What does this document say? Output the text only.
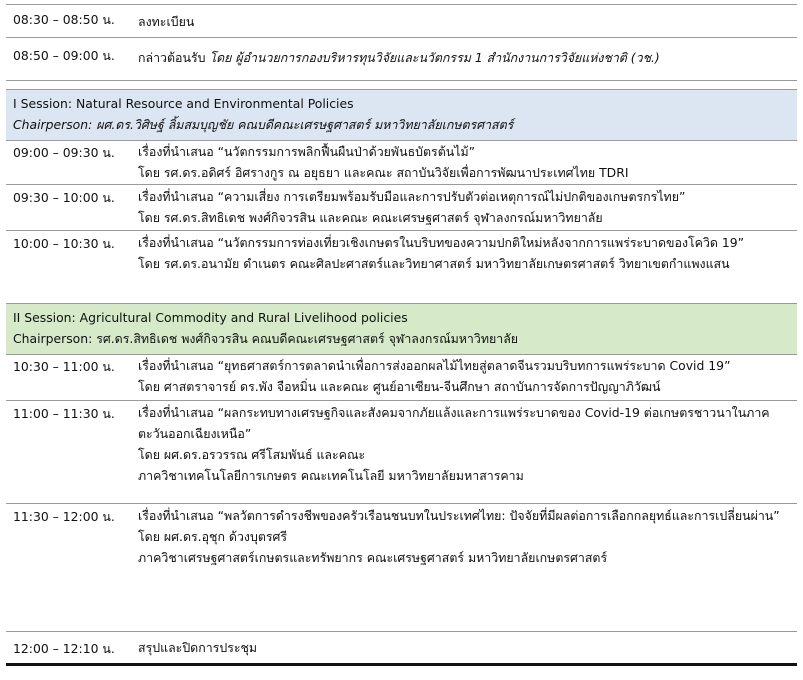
08:30 – 08:50 น. ลงทะเบียน
08:50 – 09:00 น. กล่าวต้อนรับ โดย ผู้อำนวยการกองบริหารทุนวิจัยและนวัตกรรม 1 สำนักงานการวิจัยแห่งชาติ (วช.)
I Session: Natural Resource and Environmental Policies
Chairperson: ผศ.ดร.วิศิษฐ์ ลิ้มสมบุญชัย คณบดีคณะเศรษฐศาสตร์ มหาวิทยาลัยเกษตรศาสตร์
09:00 – 09:30 น. เรื่องที่นำเสนอ “นวัตกรรมการพลิกฟื้นผืนป่าด้วยพันธบัตรต้นไม้”
โดย รศ.ดร.อดิศร์ อิศรางกูร ณ อยุธยา และคณะ สถาบันวิจัยเพื่อการพัฒนาประเทศไทย TDRI
09:30 – 10:00 น. เรื่องที่นำเสนอ “ความเสี่ยง การเตรียมพร้อมรับมือและการปรับตัวต่อเหตุการณ์ไม่ปกติของเกษตรกรไทย”
โดย รศ.ดร.สิทธิเดช พงศ์กิจวรสิน และคณะ คณะเศรษฐศาสตร์ จุฬาลงกรณ์มหาวิทยาลัย
10:00 – 10:30 น. เรื่องที่นำเสนอ “นวัตกรรมการท่องเที่ยวเชิงเกษตรในบริบทของความปกติใหม่หลังจากการแพร่ระบาดของโควิด 19”
โดย รศ.ดร.อนามัย ดำเนตร คณะศิลปะศาสตร์และวิทยาศาสตร์ มหาวิทยาลัยเกษตรศาสตร์ วิทยาเขตกำแพงแสน
II Session: Agricultural Commodity and Rural Livelihood policies
Chairperson: รศ.ดร.สิทธิเดช พงศ์กิจวรสิน คณบดีคณะเศรษฐศาสตร์ จุฬาลงกรณ์มหาวิทยาลัย
10:30 – 11:00 น. เรื่องที่นำเสนอ “ยุทธศาสตร์การตลาดนำเพื่อการส่งออกผลไม้ไทยสู่ตลาดจีนรวมบริบทการแพร่ระบาด Covid 19”
โดย ศาสตราจารย์ ดร.พัง จือหมิ่น และคณะ ศูนย์อาเซียน-จีนศึกษา สถาบันการจัดการปัญญาภิวัฒน์
11:00 – 11:30 น. เรื่องที่นำเสนอ “ผลกระทบทางเศรษฐกิจและสังคมจากภัยแล้งและการแพร่ระบาดของ Covid-19 ต่อเกษตรชาวนาในภาคตะวันออกเฉียงเหนือ”
โดย ผศ.ดร.อรวรรณ ศรีโสมพันธ์ และคณะ
ภาควิชาเทคโนโลยีการเกษตร คณะเทคโนโลยี มหาวิทยาลัยมหาสารคาม
11:30 – 12:00 น. เรื่องที่นำเสนอ “พลวัตการดำรงชีพของครัวเรือนชนบทในประเทศไทย: ปัจจัยที่มีผลต่อการเลือกกลยุทธ์และการเปลี่ยนผ่าน”
โดย ผศ.ดร.อุชุก ด้วงบุตรศรี
ภาควิชาเศรษฐศาสตร์เกษตรและทรัพยากร คณะเศรษฐศาสตร์ มหาวิทยาลัยเกษตรศาสตร์
12:00 – 12:10 น. สรุปและปิดการประชุม
